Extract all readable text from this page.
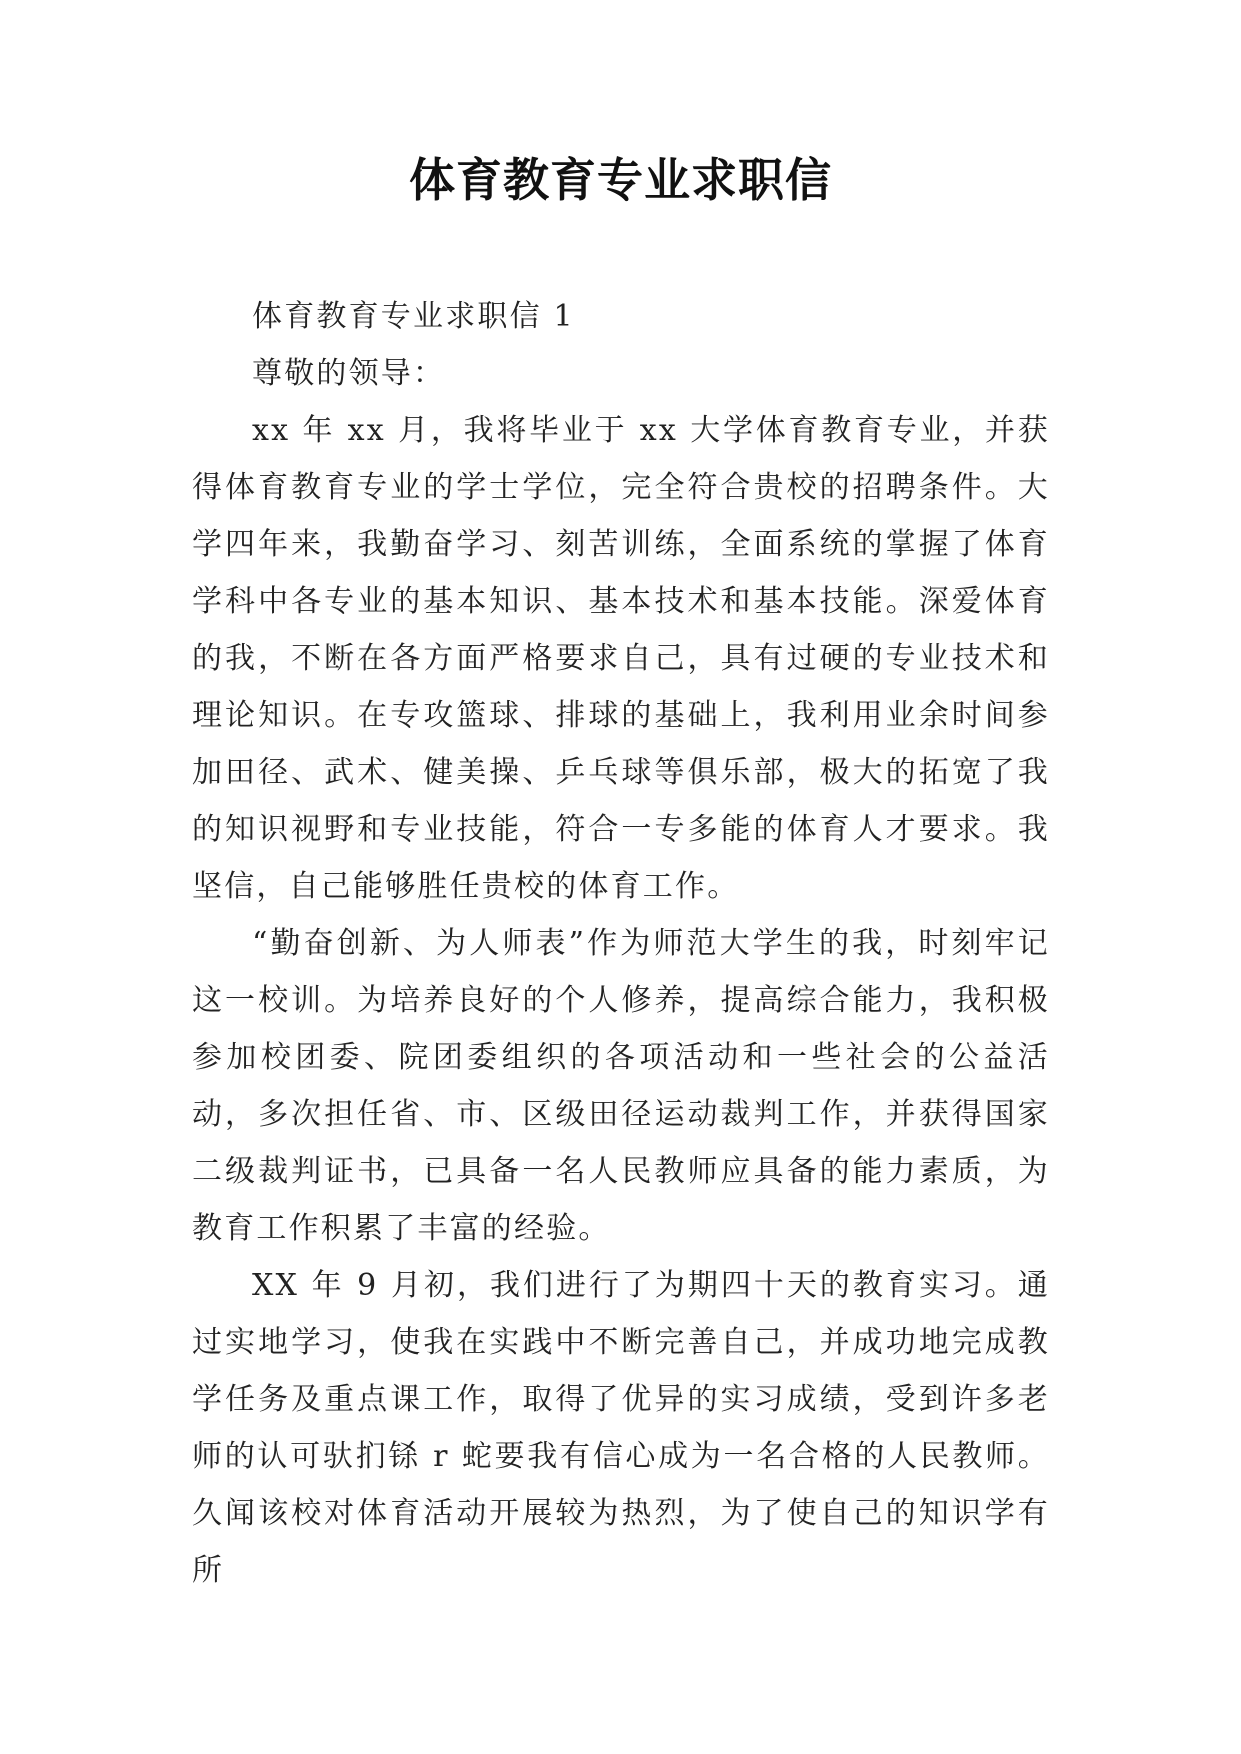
体育教育专业求职信
体育教育专业求职信 1
尊敬的领导：

xx 年 xx 月，我将毕业于 xx 大学体育教育专业，并获得体育教育专业的学士学位，完全符合贵校的招聘条件。大学四年来，我勤奋学习、刻苦训练，全面系统的掌握了体育学科中各专业的基本知识、基本技术和基本技能。深爱体育的我，不断在各方面严格要求自己，具有过硬的专业技术和理论知识。在专攻篮球、排球的基础上，我利用业余时间参加田径、武术、健美操、乒乓球等俱乐部，极大的拓宽了我的知识视野和专业技能，符合一专多能的体育人才要求。我坚信，自己能够胜任贵校的体育工作。

“勤奋创新、为人师表”作为师范大学生的我，时刻牢记这一校训。为培养良好的个人修养，提高综合能力，我积极参加校团委、院团委组织的各项活动和一些社会的公益活动，多次担任省、市、区级田径运动裁判工作，并获得国家二级裁判证书，已具备一名人民教师应具备的能力素质，为教育工作积累了丰富的经验。

XX 年 9 月初，我们进行了为期四十天的教育实习。通过实地学习，使我在实践中不断完善自己，并成功地完成教学任务及重点课工作，取得了优异的实习成绩，受到许多老师的认可驮扪铩 r 蛇要我有信心成为一名合格的人民教师。久闻该校对体育活动开展较为热烈，为了使自己的知识学有所
